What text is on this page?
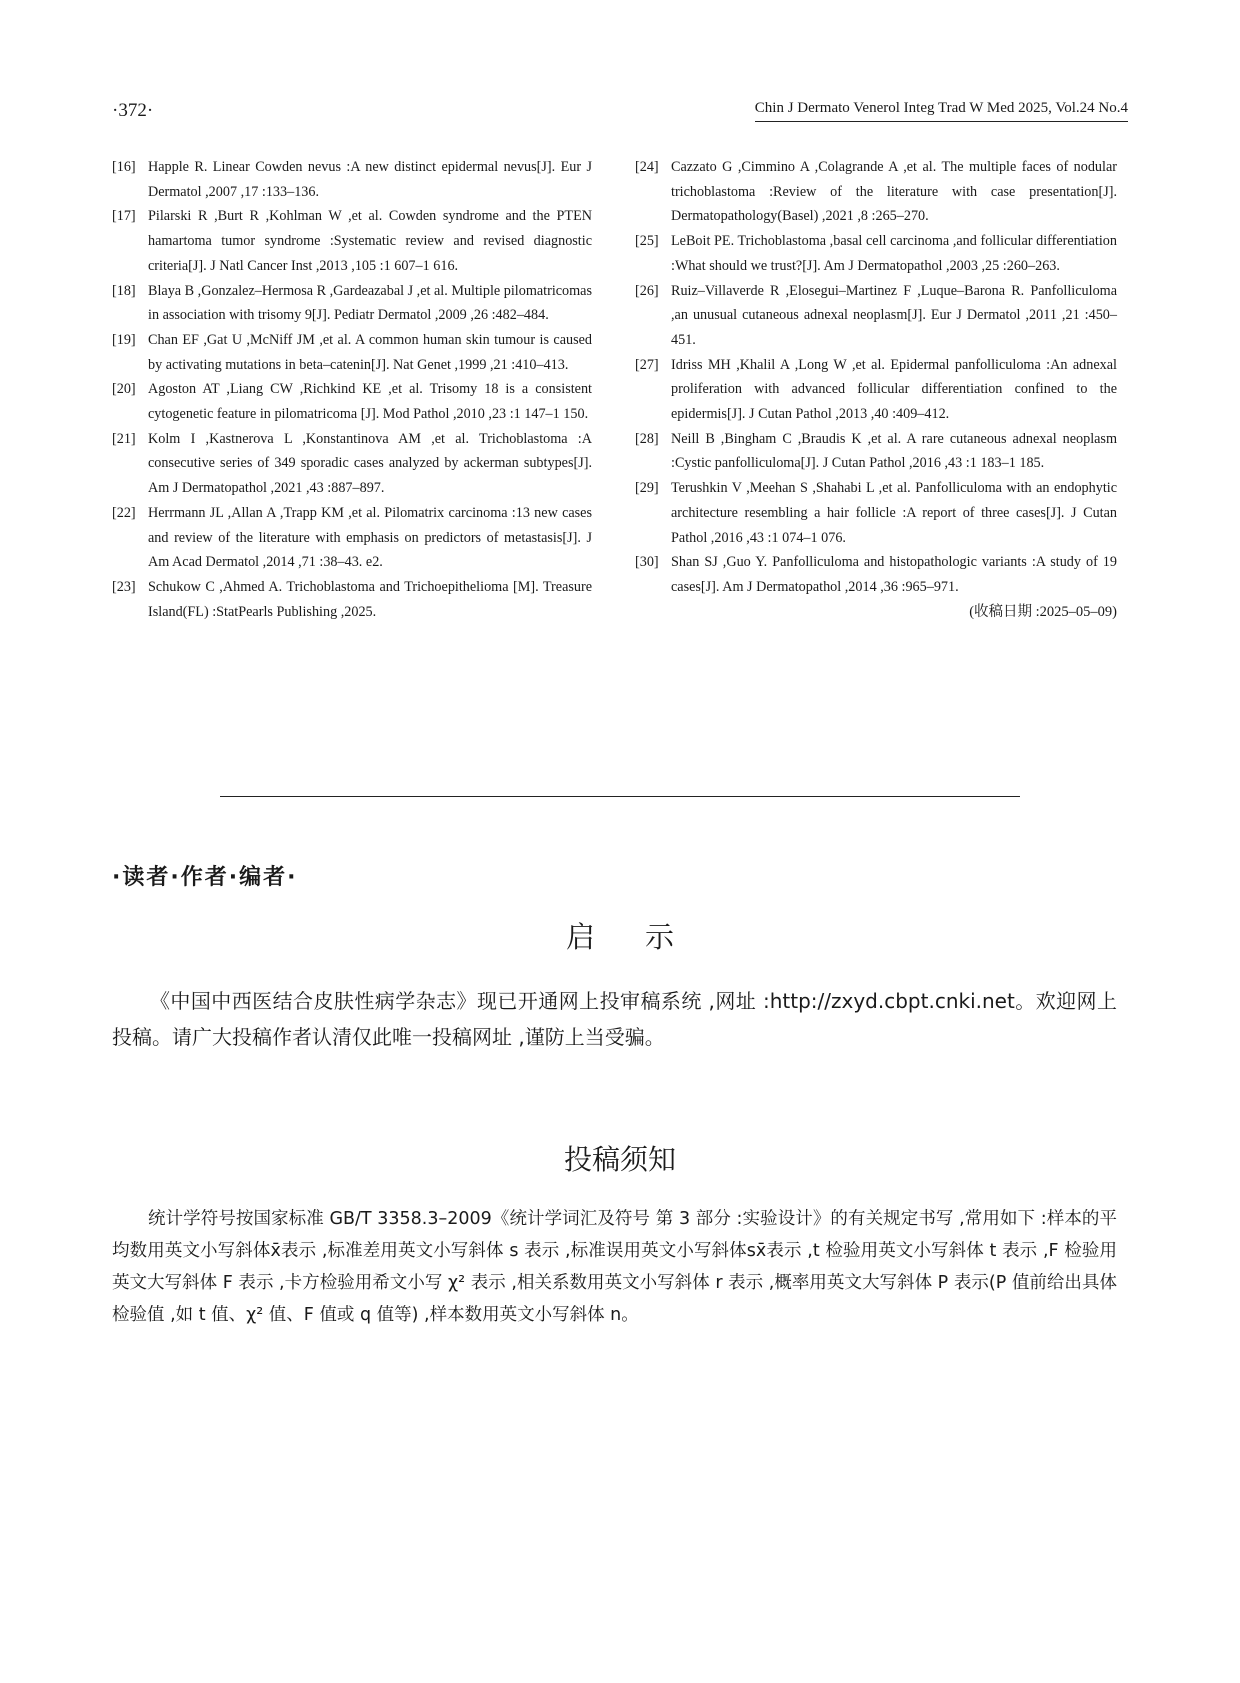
·372·	Chin J Dermato Venerol Integ Trad W Med 2025, Vol.24 No.4

[16] Happle R. Linear Cowden nevus :A new distinct epidermal nevus[J]. Eur J Dermatol ,2007 ,17 :133–136.

[17] Pilarski R ,Burt R ,Kohlman W ,et al. Cowden syndrome and the PTEN hamartoma tumor syndrome :Systematic review and revised diagnostic criteria[J]. J Natl Cancer Inst ,2013 ,105 :1 607–1 616.

[18] Blaya B ,Gonzalez–Hermosa R ,Gardeazabal J ,et al. Multiple pilomatricomas in association with trisomy 9[J]. Pediatr Dermatol ,2009 ,26 :482–484.

[19] Chan EF ,Gat U ,McNiff JM ,et al. A common human skin tumour is caused by activating mutations in beta–catenin[J]. Nat Genet ,1999 ,21 :410–413.

[20] Agoston AT ,Liang CW ,Richkind KE ,et al. Trisomy 18 is a consistent cytogenetic feature in pilomatricoma [J]. Mod Pathol ,2010 ,23 :1 147–1 150.

[21] Kolm I ,Kastnerova L ,Konstantinova AM ,et al. Trichoblastoma :A consecutive series of 349 sporadic cases analyzed by ackerman subtypes[J]. Am J Dermatopathol ,2021 ,43 :887–897.

[22] Herrmann JL ,Allan A ,Trapp KM ,et al. Pilomatrix carcinoma :13 new cases and review of the literature with emphasis on predictors of metastasis[J]. J Am Acad Dermatol ,2014 ,71 :38–43. e2.

[23] Schukow C ,Ahmed A. Trichoblastoma and Trichoepithelioma [M]. Treasure Island(FL) :StatPearls Publishing ,2025.

[24] Cazzato G ,Cimmino A ,Colagrande A ,et al. The multiple faces of nodular trichoblastoma :Review of the literature with case presentation[J]. Dermatopathology(Basel) ,2021 ,8 :265–270.

[25] LeBoit PE. Trichoblastoma ,basal cell carcinoma ,and follicular differentiation :What should we trust?[J]. Am J Dermatopathol ,2003 ,25 :260–263.

[26] Ruiz–Villaverde R ,Elosegui–Martinez F ,Luque–Barona R. Panfolliculoma ,an unusual cutaneous adnexal neoplasm[J]. Eur J Dermatol ,2011 ,21 :450–451.

[27] Idriss MH ,Khalil A ,Long W ,et al. Epidermal panfolliculoma :An adnexal proliferation with advanced follicular differentiation confined to the epidermis[J]. J Cutan Pathol ,2013 ,40 :409–412.

[28] Neill B ,Bingham C ,Braudis K ,et al. A rare cutaneous adnexal neoplasm :Cystic panfolliculoma[J]. J Cutan Pathol ,2016 ,43 :1 183–1 185.

[29] Terushkin V ,Meehan S ,Shahabi L ,et al. Panfolliculoma with an endophytic architecture resembling a hair follicle :A report of three cases[J]. J Cutan Pathol ,2016 ,43 :1 074–1 076.

[30] Shan SJ ,Guo Y. Panfolliculoma and histopathologic variants :A study of 19 cases[J]. Am J Dermatopathol ,2014 ,36 :965–971.

(收稿日期 :2025–05–09)
·读者·作者·编者·
启示

《中国中西医结合皮肤性病学杂志》现已开通网上投审稿系统 ,网址 :http://zxyd.cbpt.cnki.net。欢迎网上投稿。请广大投稿作者认清仅此唯一投稿网址 ,谨防上当受骗。

投稿须知

统计学符号按国家标准 GB/T 3358.3–2009《统计学词汇及符号 第 3 部分 :实验设计》的有关规定书写 ,常用如下 :样本的平均数用英文小写斜体x̄表示 ,标准差用英文小写斜体 s 表示 ,标准误用英文小写斜体sx̄表示 ,t 检验用英文小写斜体 t 表示 ,F 检验用英文大写斜体 F 表示 ,卡方检验用希文小写 χ² 表示 ,相关系数用英文小写斜体 r 表示 ,概率用英文大写斜体 P 表示(P 值前给出具体检验值 ,如 t 值、χ² 值、F 值或 q 值等) ,样本数用英文小写斜体 n。
